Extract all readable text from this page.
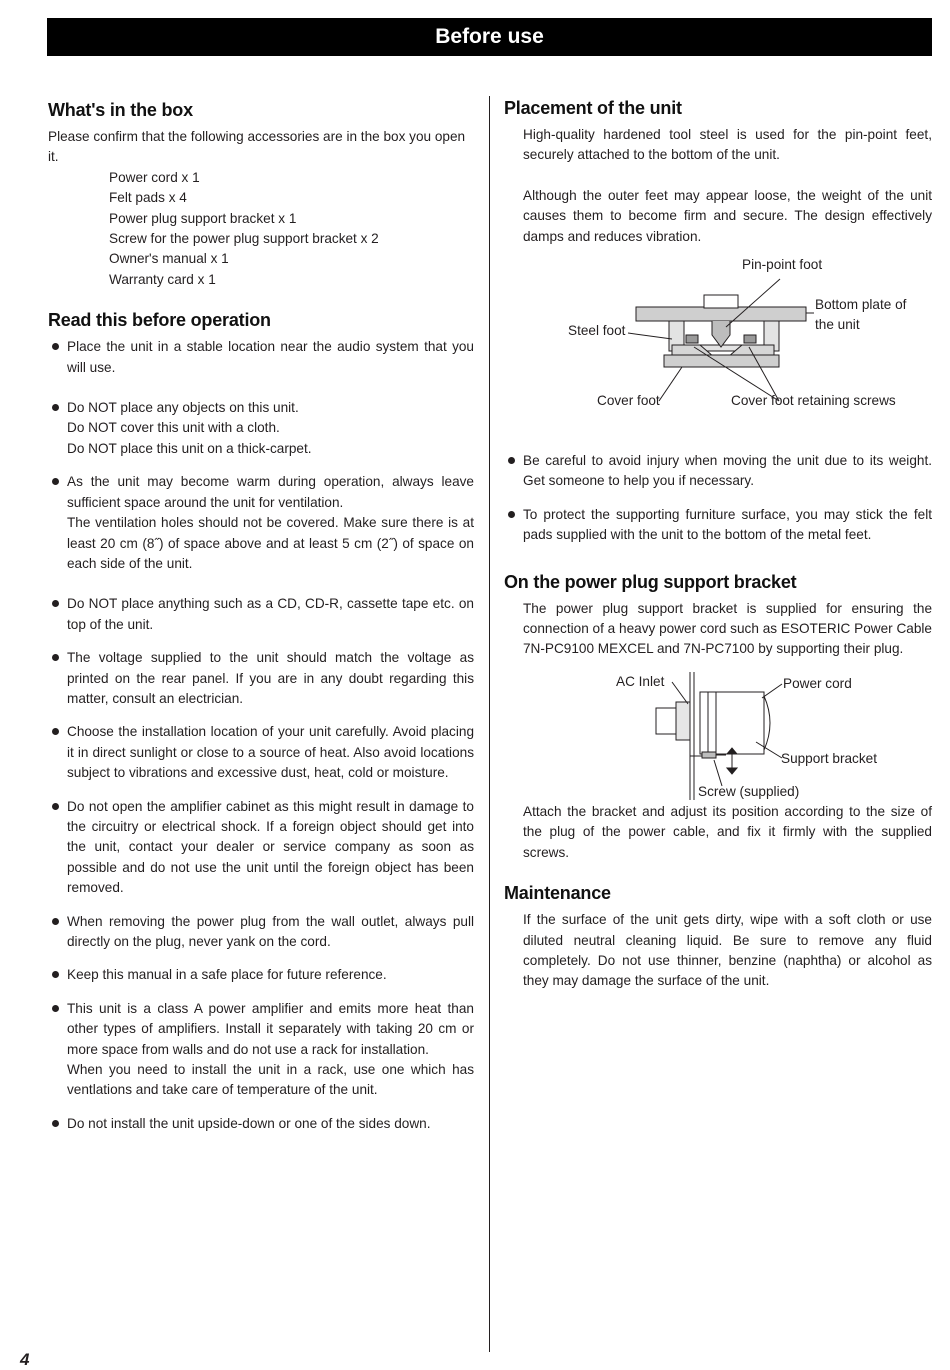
Before use
What's in the box

Please confirm that the following accessories are in the box you open it.

Power cord x 1
Felt pads x 4
Power plug support bracket x 1
Screw for the power plug support bracket x 2
Owner's manual x 1
Warranty card x 1
Read this before operation

Place the unit in a stable location near the audio system that you will use.

Do NOT place any objects on this unit.

Do NOT cover this unit with a cloth.

Do NOT place this unit on a thick-carpet.

As the unit may become warm during operation, always leave sufficient space around the unit for ventilation.

The ventilation holes should not be covered. Make sure there is at least 20 cm (8˝) of space above and at least 5 cm (2˝) of space on each side of the unit.

Do NOT place anything such as a CD, CD-R, cassette tape etc. on top of the unit.

The voltage supplied to the unit should match the voltage as printed on the rear panel. If you are in any doubt regarding this matter, consult an electrician.

Choose the installation location of your unit carefully. Avoid placing it in direct sunlight or close to a source of heat. Also avoid locations subject to vibrations and excessive dust, heat, cold or moisture.

Do not open the amplifier cabinet as this might result in damage to the circuitry or electrical shock. If a foreign object should get into the unit, contact your dealer or service company as soon as possible and do not use the unit until the foreign object has been removed.

When removing the power plug from the wall outlet, always pull directly on the plug, never yank on the cord.

Keep this manual in a safe place for future reference.

This unit is a class A power amplifier and emits more heat than other types of amplifiers. Install it separately with taking 20 cm or more space from walls and do not use a rack for installation.

When you need to install the unit in a rack, use one which has ventlations and take care of temperature of the unit.

Do not install the unit upside-down or one of the sides down.

Placement of the unit

High-quality hardened tool steel is used for the pin-point feet, securely attached to the bottom of the unit.

Although the outer feet may appear loose, the weight of the unit causes them to become firm and secure. The design effectively damps and reduces vibration.

Pin-point foot
Bottom plate of
the unit
Steel foot
Cover foot	Cover foot retaining screws

Be careful to avoid injury when moving the unit due to its weight. Get someone to help you if necessary.

To protect the supporting furniture surface, you may stick the felt pads supplied with the unit to the bottom of the metal feet.

On the power plug support bracket

The power plug support bracket is supplied for ensuring the connection of a heavy power cord such as ESOTERIC Power Cable 7N-PC9100 MEXCEL and 7N-PC7100 by supporting their plug.

AC Inlet	Power cord
Support bracket
Screw (supplied)

Attach the bracket and adjust its position according to the size of the plug of the power cable, and fix it firmly with the supplied screws.

Maintenance

If the surface of the unit gets dirty, wipe with a soft cloth or use diluted neutral cleaning liquid. Be sure to remove any fluid completely. Do not use thinner, benzine (naphtha) or alcohol as they may damage the surface of the unit.

4
